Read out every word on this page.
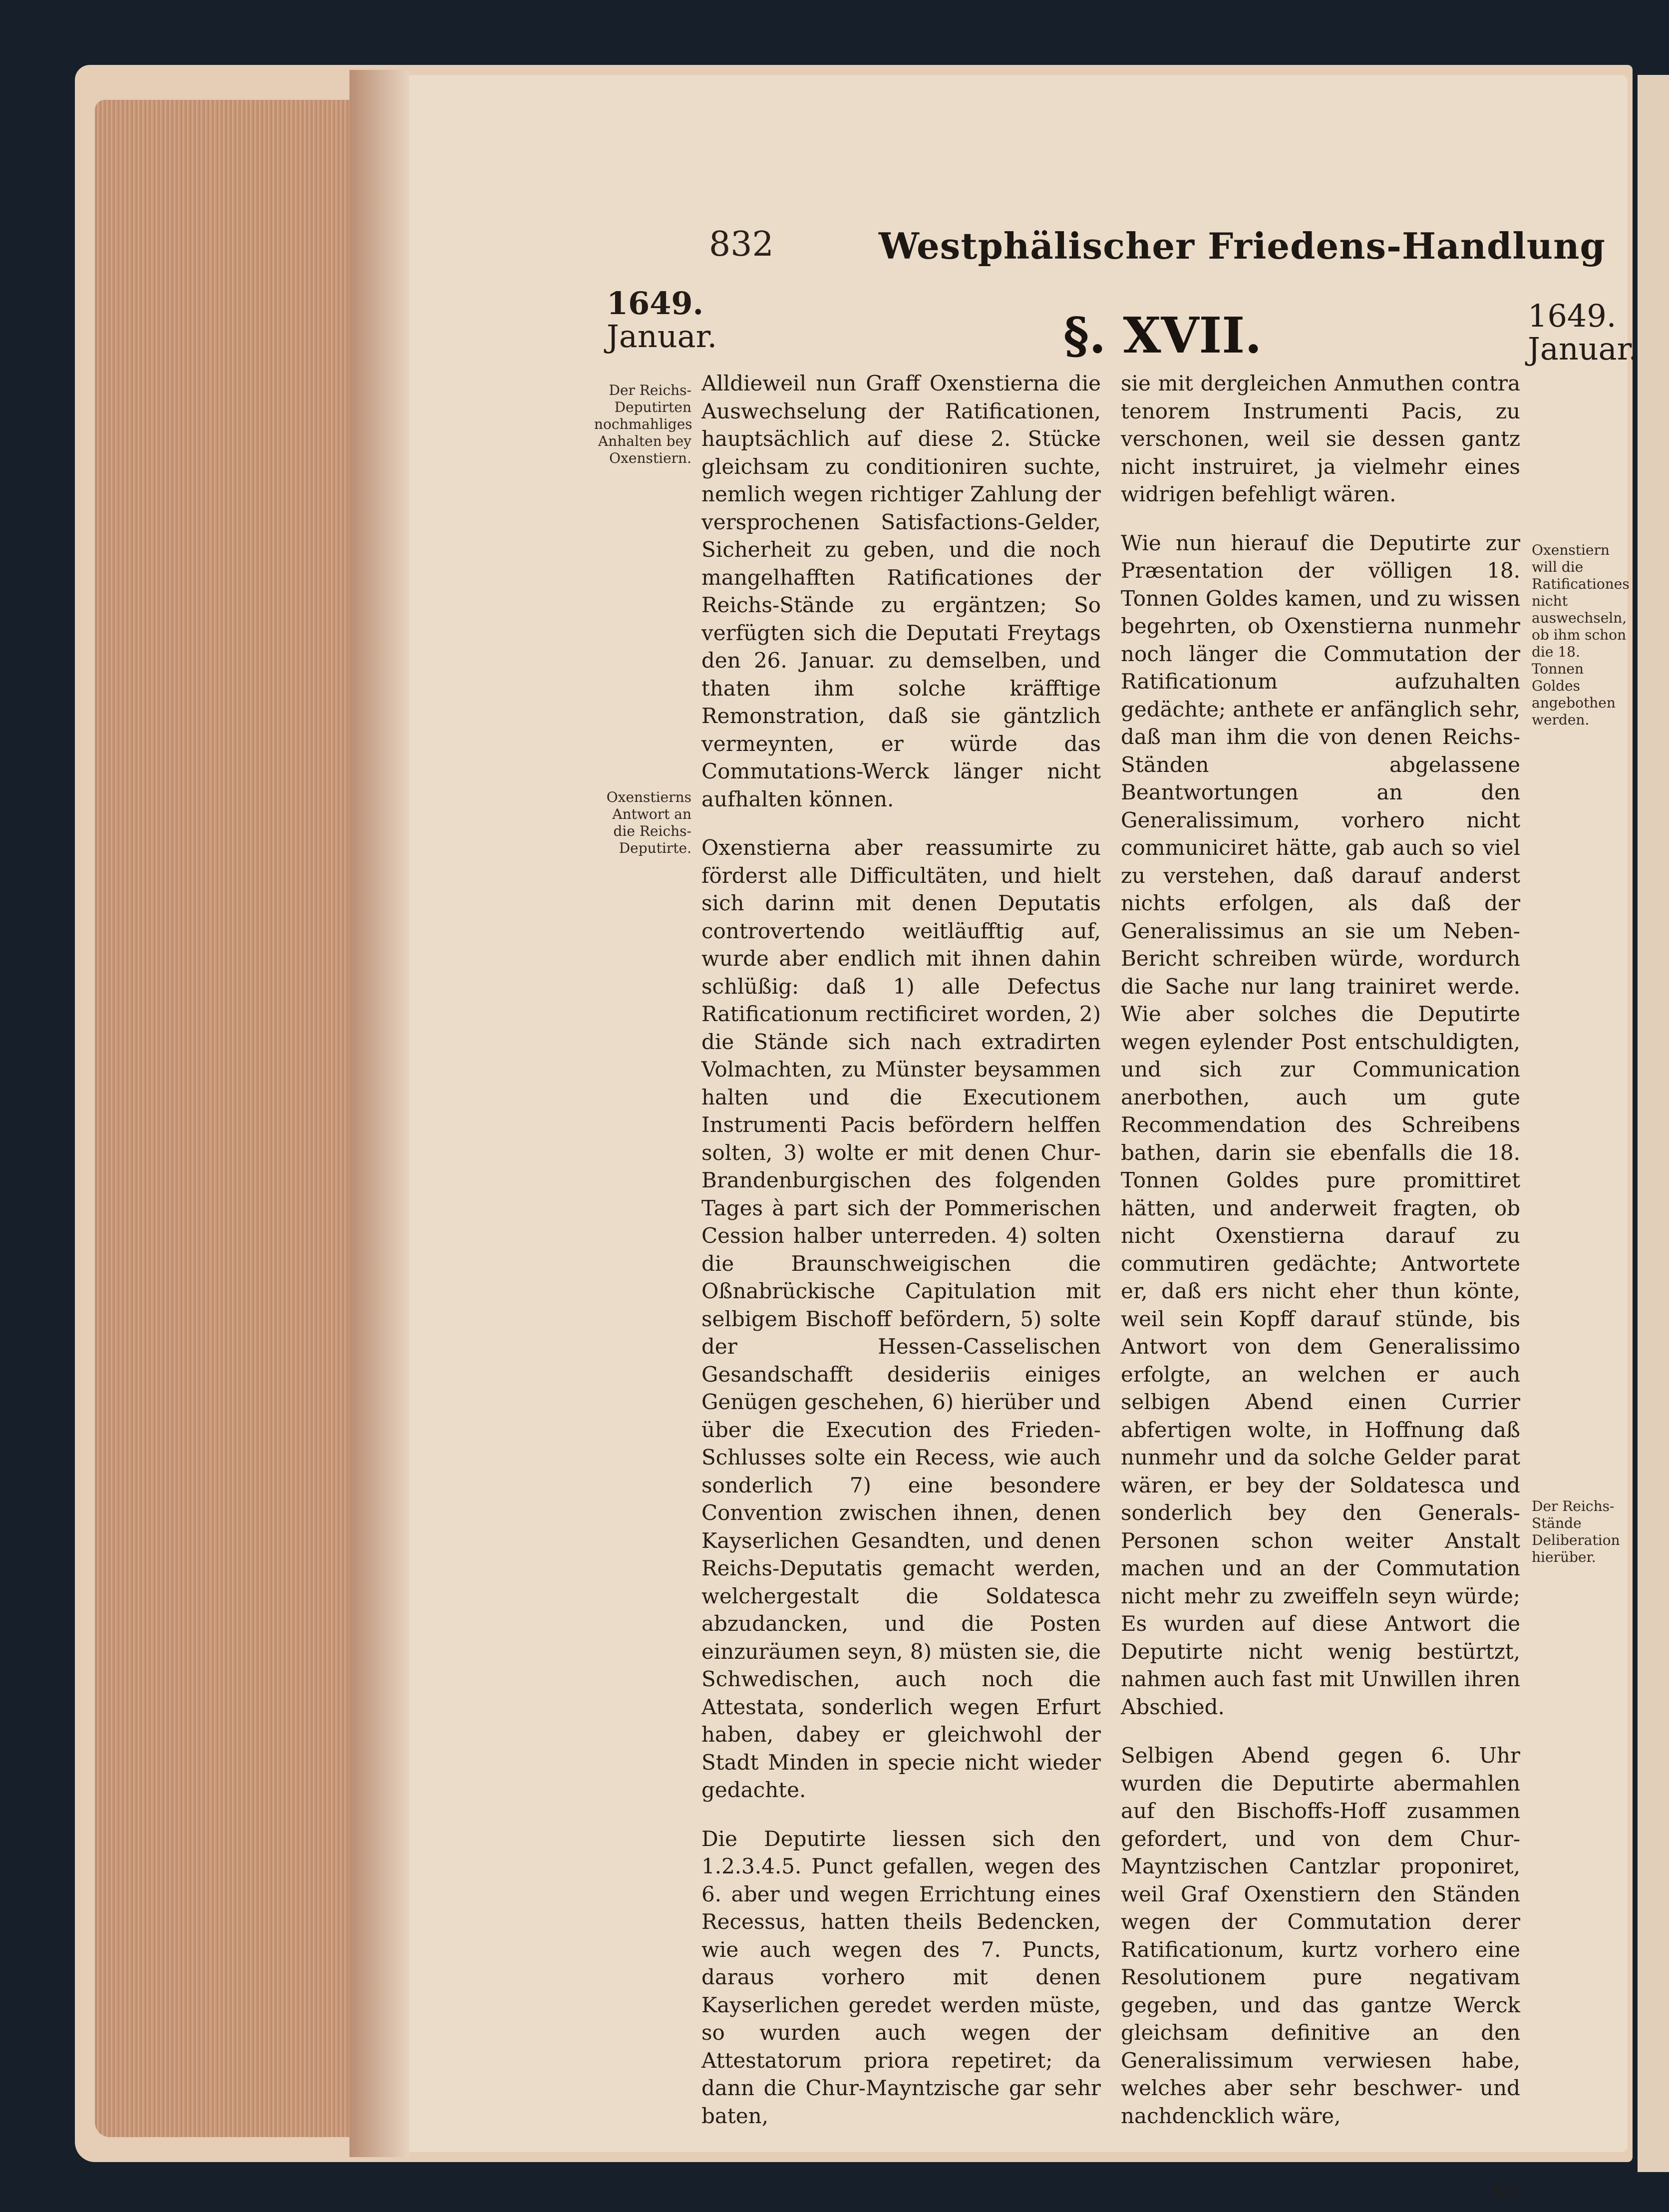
832	Westphälischer Friedens-Handlung
1649.
Januar.
1649.
Januar.
§. XVII.
Der Reichs-Deputirten nochmahliges Anhalten bey Oxenstiern.
Oxenstierns Antwort an die Reichs-Deputirte.
Oxenstiern will die Ratificationes nicht auswechseln, ob ihm schon die 18. Tonnen Goldes angebothen werden.
Der Reichs-Stände Deliberation hierüber.

Alldieweil nun Graff Oxenstierna die Auswechselung der Ratificationen, hauptsächlich auf diese 2. Stücke gleichsam zu conditioniren suchte, nemlich wegen richtiger Zahlung der versprochenen Satisfactions-Gelder, Sicherheit zu geben, und die noch mangelhafften Ratificationes der Reichs-Stände zu ergäntzen; So verfügten sich die Deputati Freytags den 26. Januar. zu demselben, und thaten ihm solche kräfftige Remonstration, daß sie gäntzlich vermeynten, er würde das Commutations-Werck länger nicht aufhalten können.

Oxenstierna aber reassumirte zu förderst alle Difficultäten, und hielt sich darinn mit denen Deputatis controvertendo weitläufftig auf, wurde aber endlich mit ihnen dahin schlüßig: daß 1) alle Defectus Ratificationum rectificiret worden, 2) die Stände sich nach extradirten Volmachten, zu Münster beysammen halten und die Executionem Instrumenti Pacis befördern helffen solten, 3) wolte er mit denen Chur-Brandenburgischen des folgenden Tages à part sich der Pommerischen Cession halber unterreden. 4) solten die Braunschweigischen die Oßnabrückische Capitulation mit selbigem Bischoff befördern, 5) solte der Hessen-Casselischen Gesandschafft desideriis einiges Genügen geschehen, 6) hierüber und über die Execution des Frieden-Schlusses solte ein Recess, wie auch sonderlich 7) eine besondere Convention zwischen ihnen, denen Kayserlichen Gesandten, und denen Reichs-Deputatis gemacht werden, welchergestalt die Soldatesca abzudancken, und die Posten einzuräumen seyn, 8) müsten sie, die Schwedischen, auch noch die Attestata, sonderlich wegen Erfurt haben, dabey er gleichwohl der Stadt Minden in specie nicht wieder gedachte.

Die Deputirte liessen sich den 1.2.3.4.5. Punct gefallen, wegen des 6. aber und wegen Errichtung eines Recessus, hatten theils Bedencken, wie auch wegen des 7. Puncts, daraus vorhero mit denen Kayserlichen geredet werden müste, so wurden auch wegen der Attestatorum priora repetiret; da dann die Chur-Mayntzische gar sehr baten,

sie mit dergleichen Anmuthen contra tenorem Instrumenti Pacis, zu verschonen, weil sie dessen gantz nicht instruiret, ja vielmehr eines widrigen befehligt wären.

Wie nun hierauf die Deputirte zur Præsentation der völligen 18. Tonnen Goldes kamen, und zu wissen begehrten, ob Oxenstierna nunmehr noch länger die Commutation der Ratificationum aufzuhalten gedächte; anthete er anfänglich sehr, daß man ihm die von denen Reichs-Ständen abgelassene Beantwortungen an den Generalissimum, vorhero nicht communiciret hätte, gab auch so viel zu verstehen, daß darauf anderst nichts erfolgen, als daß der Generalissimus an sie um Neben-Bericht schreiben würde, wordurch die Sache nur lang trainiret werde. Wie aber solches die Deputirte wegen eylender Post entschuldigten, und sich zur Communication anerbothen, auch um gute Recommendation des Schreibens bathen, darin sie ebenfalls die 18. Tonnen Goldes pure promittiret hätten, und anderweit fragten, ob nicht Oxenstierna darauf zu commutiren gedächte; Antwortete er, daß ers nicht eher thun könte, weil sein Kopff darauf stünde, bis Antwort von dem Generalissimo erfolgte, an welchen er auch selbigen Abend einen Currier abfertigen wolte, in Hoffnung daß nunmehr und da solche Gelder parat wären, er bey der Soldatesca und sonderlich bey den Generals-Personen schon weiter Anstalt machen und an der Commutation nicht mehr zu zweiffeln seyn würde; Es wurden auf diese Antwort die Deputirte nicht wenig bestürtzt, nahmen auch fast mit Unwillen ihren Abschied.

Selbigen Abend gegen 6. Uhr wurden die Deputirte abermahlen auf den Bischoffs-Hoff zusammen gefordert, und von dem Chur-Mayntzischen Cantzlar proponiret, weil Graf Oxenstiern den Ständen wegen der Commutation derer Ratificationum, kurtz vorhero eine Resolutionem pure negativam gegeben, und das gantze Werck gleichsam definitive an den Generalissimum verwiesen habe, welches aber sehr beschwer- und nachdencklich wäre,

so
